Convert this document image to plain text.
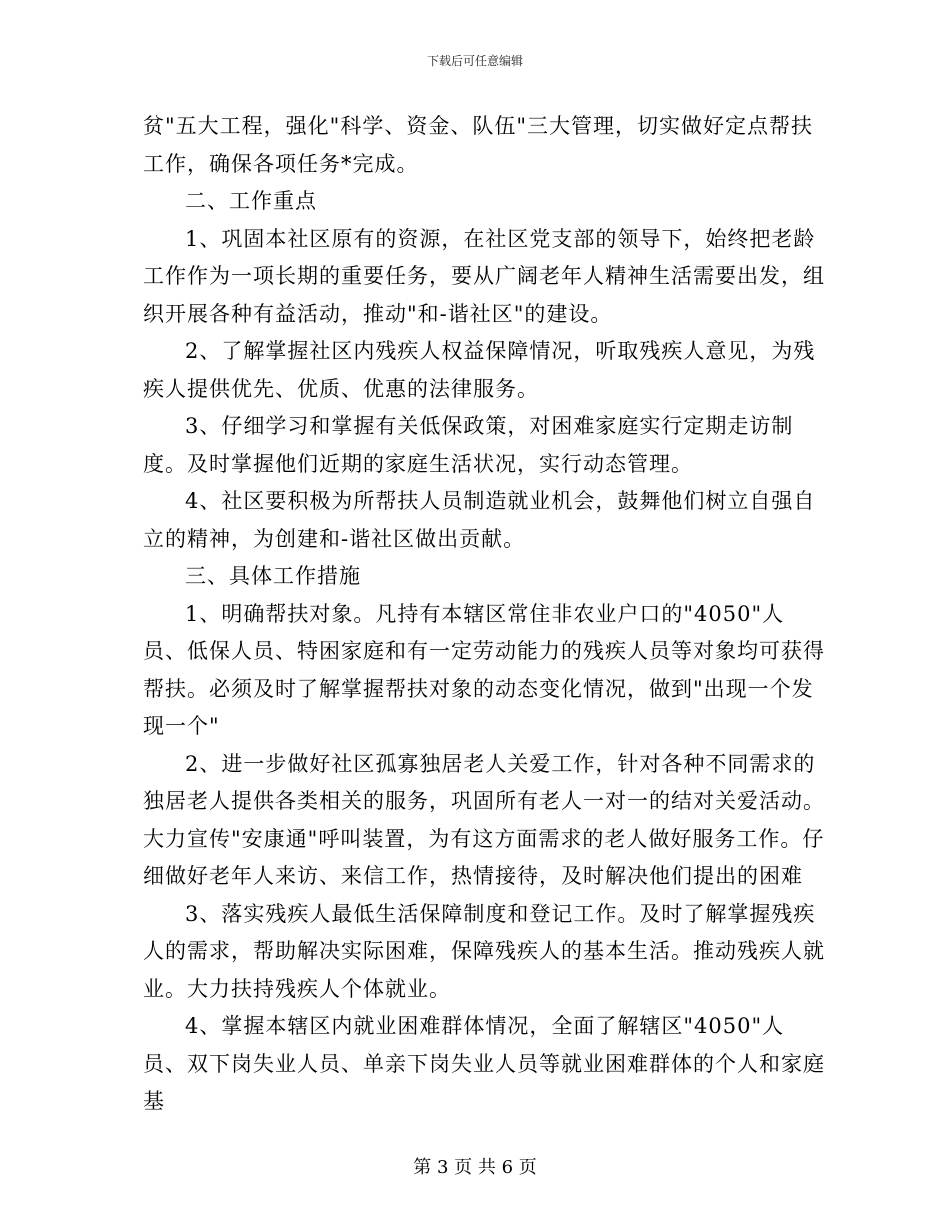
下载后可任意编辑

贫"五大工程，强化"科学、资金、队伍"三大管理，切实做好定点帮扶工作，确保各项任务*完成。

二、工作重点

1、巩固本社区原有的资源，在社区党支部的领导下，始终把老龄工作作为一项长期的重要任务，要从广阔老年人精神生活需要出发，组织开展各种有益活动，推动"和-谐社区"的建设。

2、了解掌握社区内残疾人权益保障情况，听取残疾人意见，为残疾人提供优先、优质、优惠的法律服务。

3、仔细学习和掌握有关低保政策，对困难家庭实行定期走访制度。及时掌握他们近期的家庭生活状况，实行动态管理。

4、社区要积极为所帮扶人员制造就业机会，鼓舞他们树立自强自立的精神，为创建和-谐社区做出贡献。

三、具体工作措施

1、明确帮扶对象。凡持有本辖区常住非农业户口的"4050"人员、低保人员、特困家庭和有一定劳动能力的残疾人员等对象均可获得帮扶。必须及时了解掌握帮扶对象的动态变化情况，做到"出现一个发现一个"

2、进一步做好社区孤寡独居老人关爱工作，针对各种不同需求的独居老人提供各类相关的服务，巩固所有老人一对一的结对关爱活动。大力宣传"安康通"呼叫装置，为有这方面需求的老人做好服务工作。仔细做好老年人来访、来信工作，热情接待，及时解决他们提出的困难

3、落实残疾人最低生活保障制度和登记工作。及时了解掌握残疾人的需求，帮助解决实际困难，保障残疾人的基本生活。推动残疾人就业。大力扶持残疾人个体就业。

4、掌握本辖区内就业困难群体情况，全面了解辖区"4050"人员、双下岗失业人员、单亲下岗失业人员等就业困难群体的个人和家庭基

第 3 页 共 6 页
